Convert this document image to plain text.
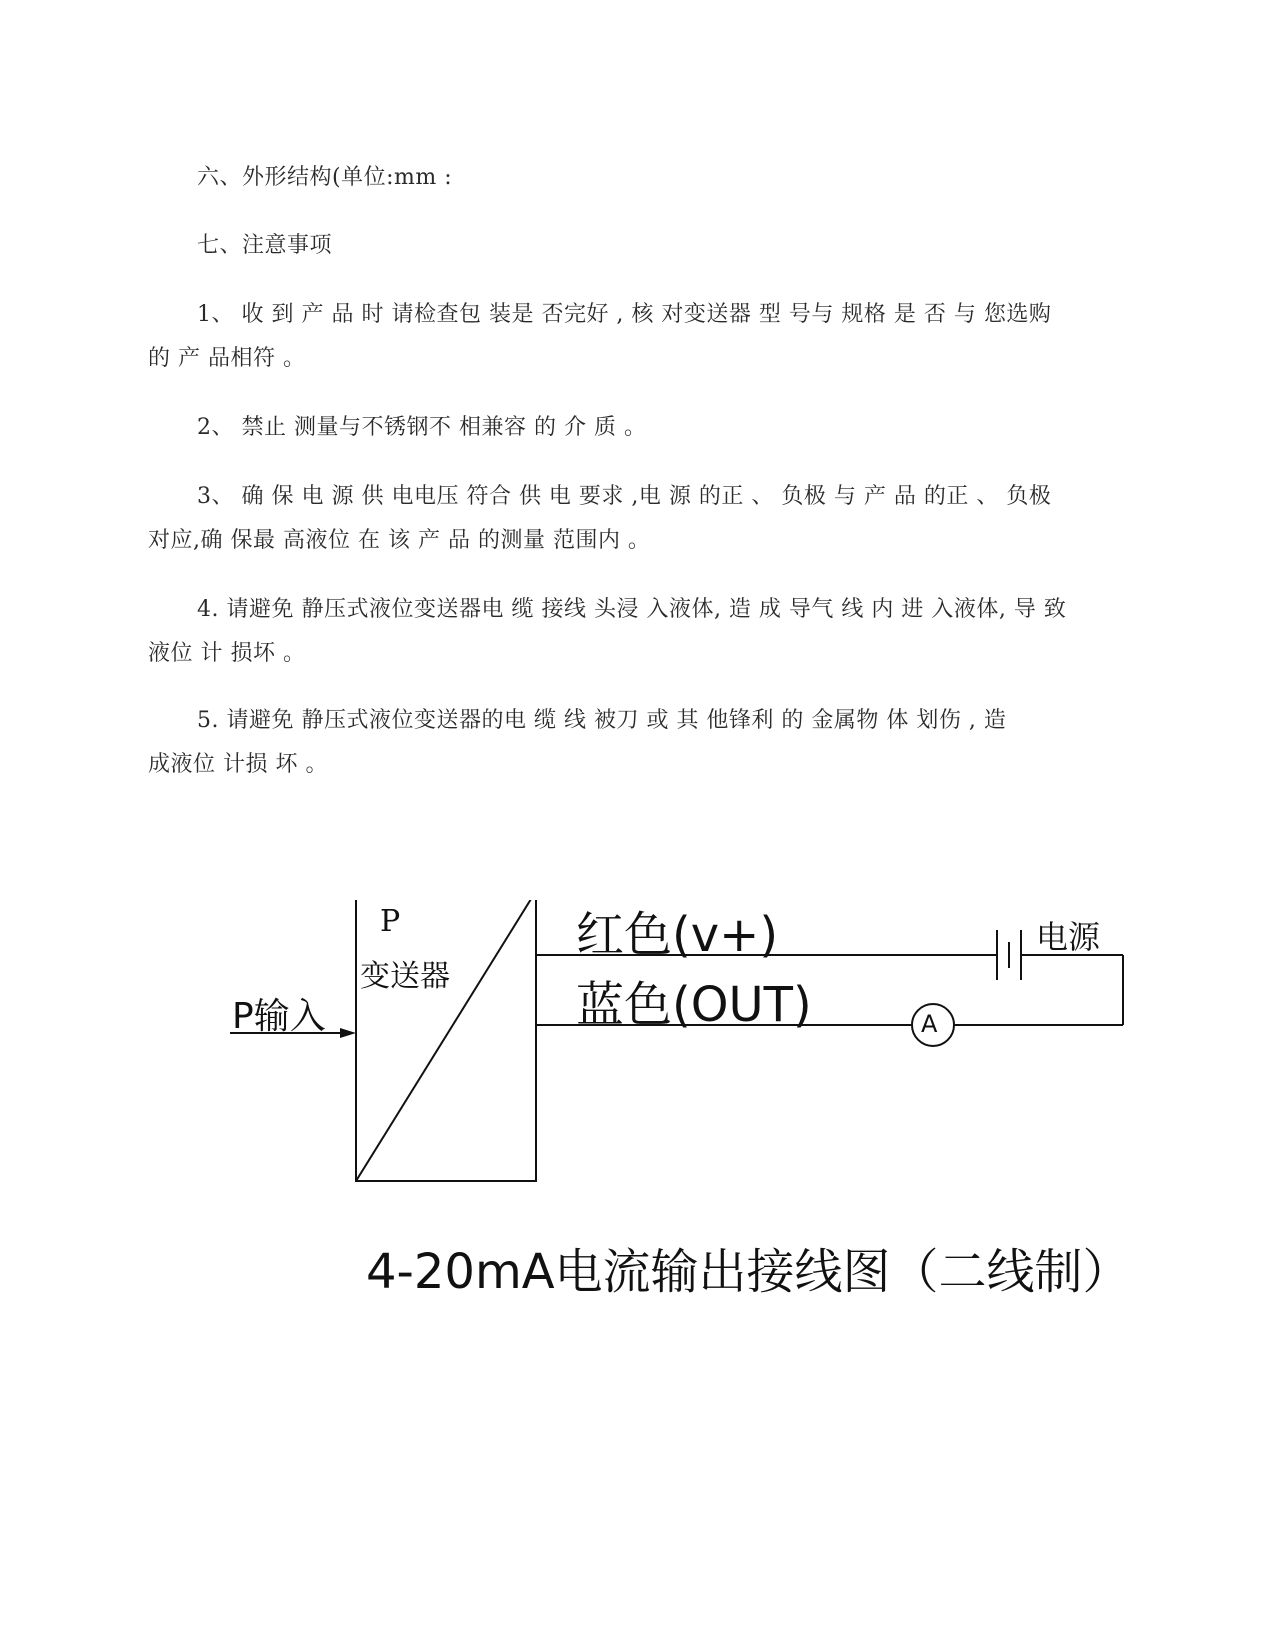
六、外形结构(单位:mm :
七、注意事项
1、 收 到 产 品 时 请检查包 装是 否完好 , 核 对变送器 型 号与 规格 是 否 与 您选购
的 产 品相符 。
2、 禁止 测量与不锈钢不 相兼容 的 介 质 。
3、 确 保 电 源 供 电电压 符合 供 电 要求 ,电 源 的正 、 负极 与 产 品 的正 、 负极
对应,确 保最 高液位 在 该 产 品 的测量 范围内 。
4. 请避免 静压式液位变送器电 缆 接线 头浸 入液体, 造 成 导气 线 内 进 入液体, 导 致
液位 计 损坏 。
5. 请避免 静压式液位变送器的电 缆 线 被刀 或 其 他锋利 的 金属物 体 划伤 , 造
成液位 计损 坏 。
P
变送器
P输入
红色(v+)
蓝色(OUT)
电源
A
4-20mA电流输出接线图（二线制）
